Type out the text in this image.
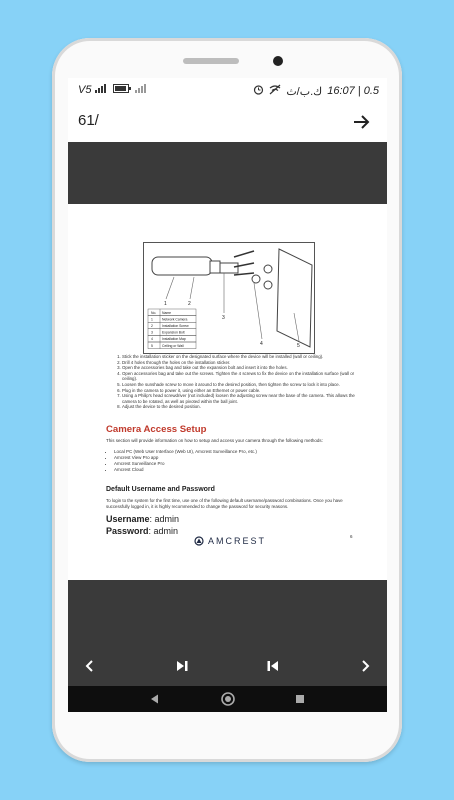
V5	ك.ب/ث 16:07 | 0.5
61/
1	2
3
4	5
No. Name
1	Network Camera
2	Installation Screw
3	Expansion Bolt
4	Installation Map
5	Ceiling or Wall
1. Stick the installation sticker on the designated surface where the device will be installed (wall or ceiling).
2. Drill 4 holes through the holes on the installation sticker.
3. Open the accessories bag and take out the expansion bolt and insert it into the holes.
4. Open accessories bag and take out the screws. Tighten the 4 screws to fix the device on the installation surface (wall or ceiling).
5. Loosen the sunshade screw to move it around to the desired position, then tighten the screw to lock it into place.
6. Plug in the camera to power it, using either an Ethernet or power cable.
7. Using a Philip's head screwdriver (not included) loosen the adjusting screw near the base of the camera. This allows the camera to be rotated, as well as pivoted within the ball joint.
8. Adjust the device to the desired position.
Camera Access Setup
This section will provide information on how to setup and access your camera through the following methods:
• Local PC (Web User Interface (Web UI), Amcrest Surveillance Pro, etc.)
• Amcrest View Pro app
• Amcrest Surveillance Pro
• Amcrest Cloud
Default Username and Password
To login to the system for the first time, use one of the following default username/password combinations. Once you have successfully logged in, it is highly recommended to change the password for security reasons.
Username: admin
Password: admin
AMCREST	6
